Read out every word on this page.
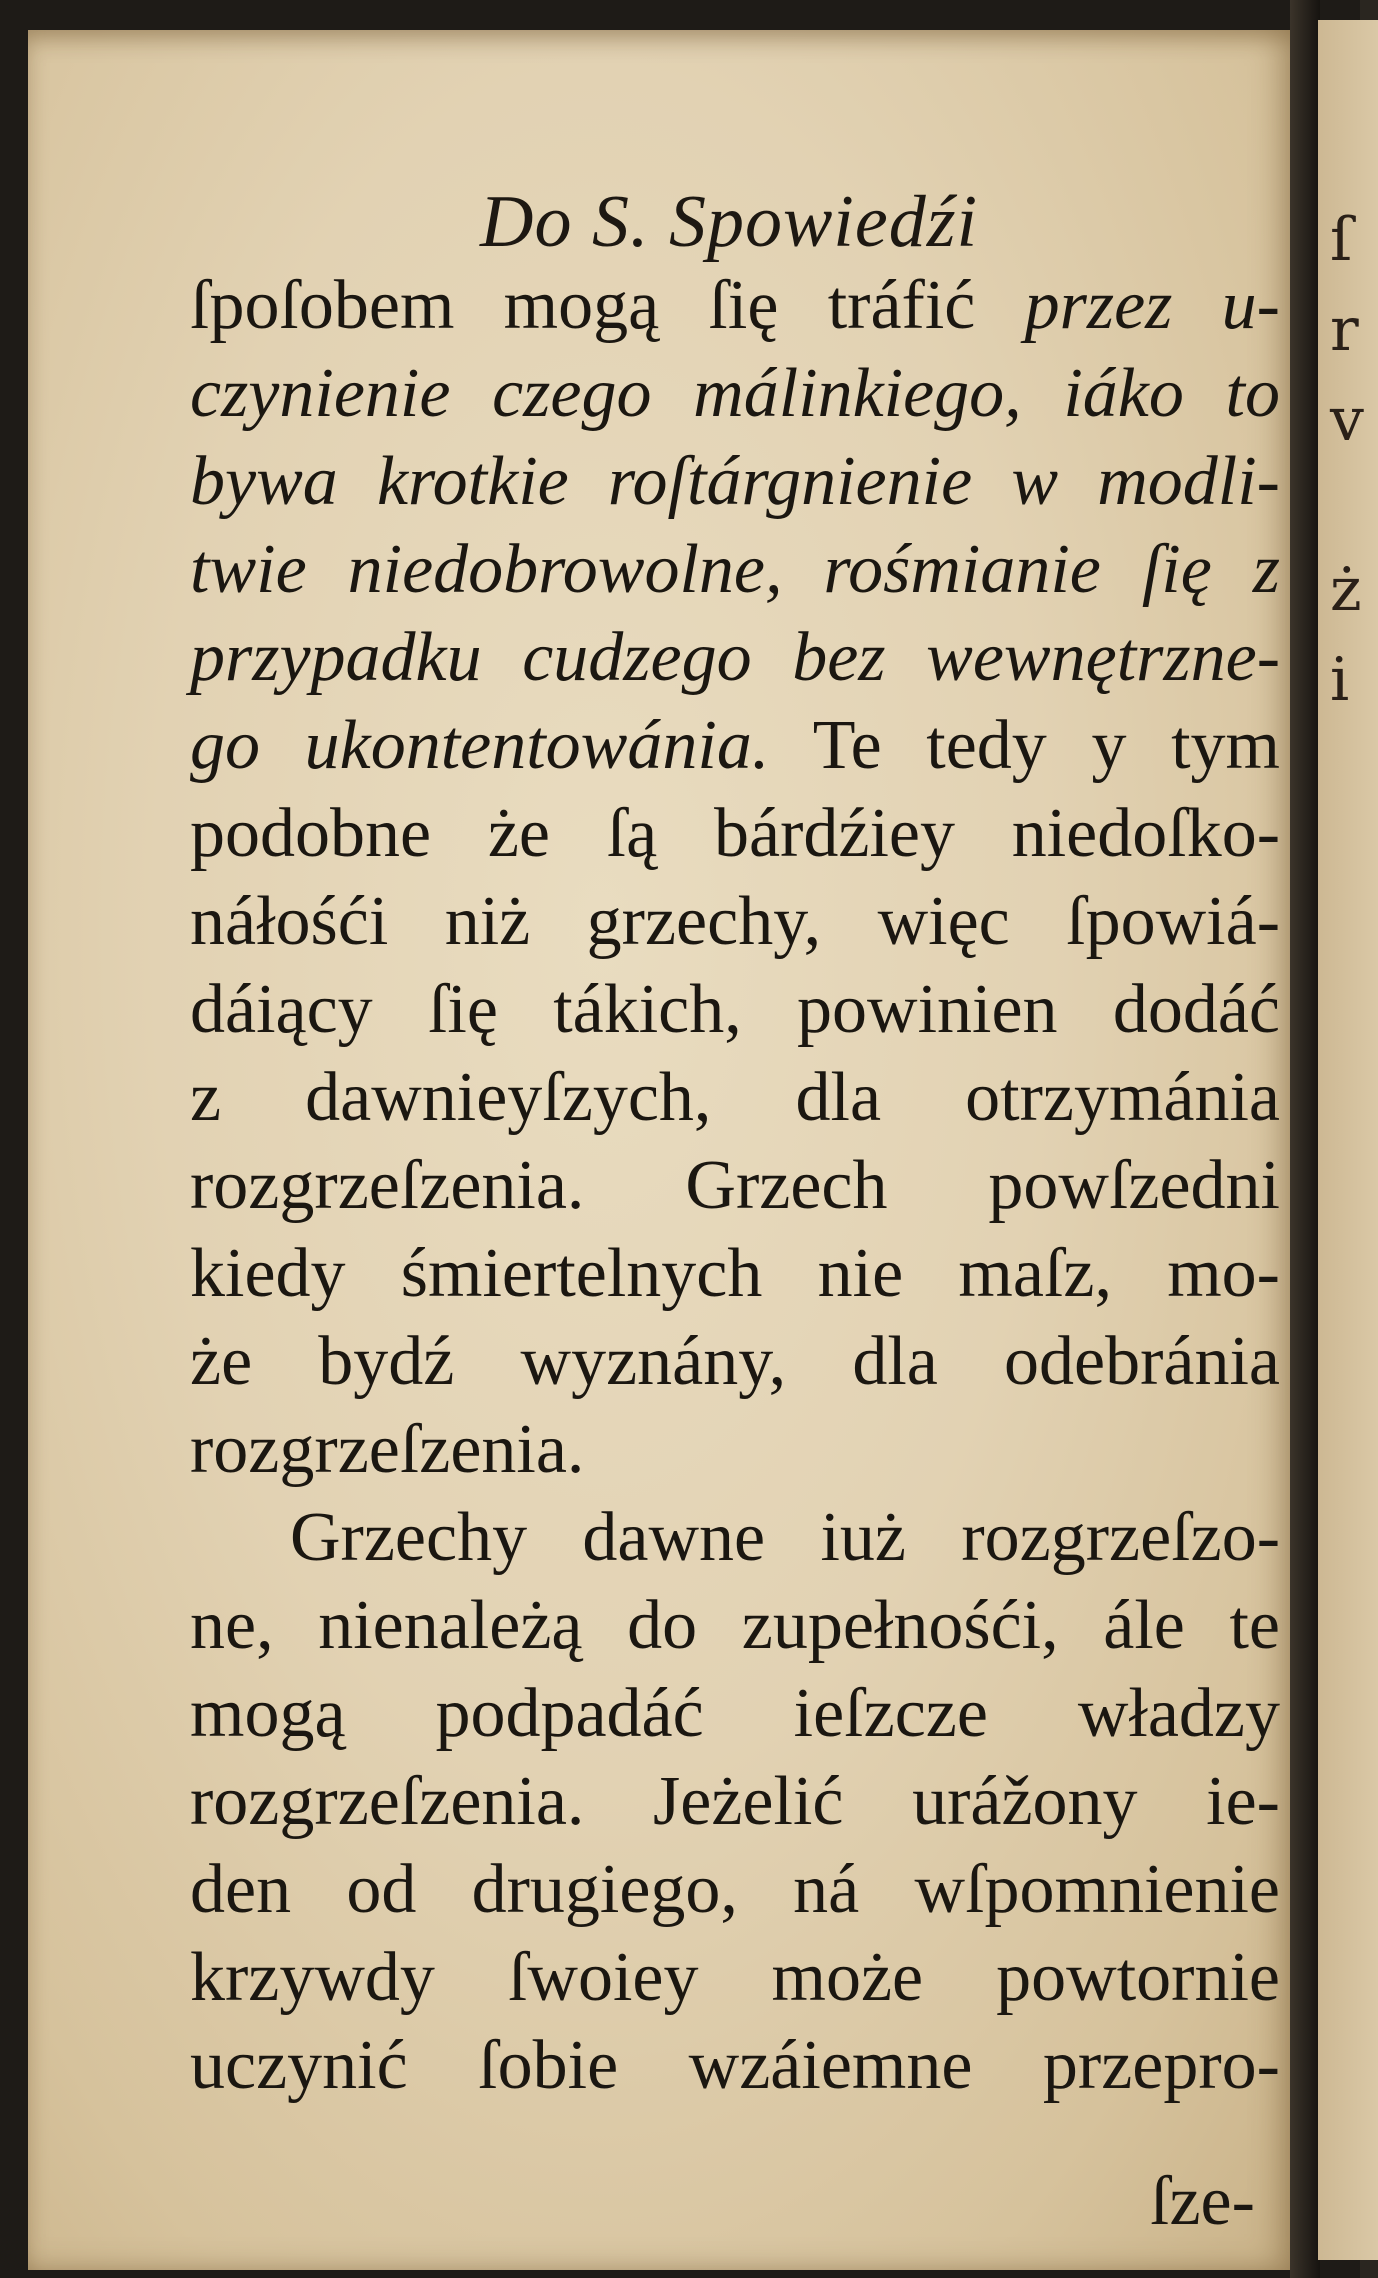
ſ
r
v
ż
i
Do S. Spowiedźi
ſpoſobem mogą ſię tráfić przez u-
czynienie czego málinkiego, iáko to
bywa krotkie roſtárgnienie w modli-
twie niedobrowolne, rośmianie ſię z
przypadku cudzego bez wewnętrzne-
go ukontentowánia. Te tedy y tym
podobne że ſą bárdźiey niedoſko-
náłośći niż grzechy, więc ſpowiá-
dáiący ſię tákich, powinien dodáć
z dawnieyſzych, dla otrzymánia
rozgrzeſzenia. Grzech powſzedni
kiedy śmiertelnych nie maſz, mo-
że bydź wyznány, dla odebránia
rozgrzeſzenia.
Grzechy dawne iuż rozgrzeſzo-
ne, nienależą do zupełnośći, ále te
mogą podpadáć ieſzcze władzy
rozgrzeſzenia. Jeżelić urážony ie-
den od drugiego, ná wſpomnienie
krzywdy ſwoiey może powtornie
uczynić ſobie wzáiemne przepro-
ſze-
